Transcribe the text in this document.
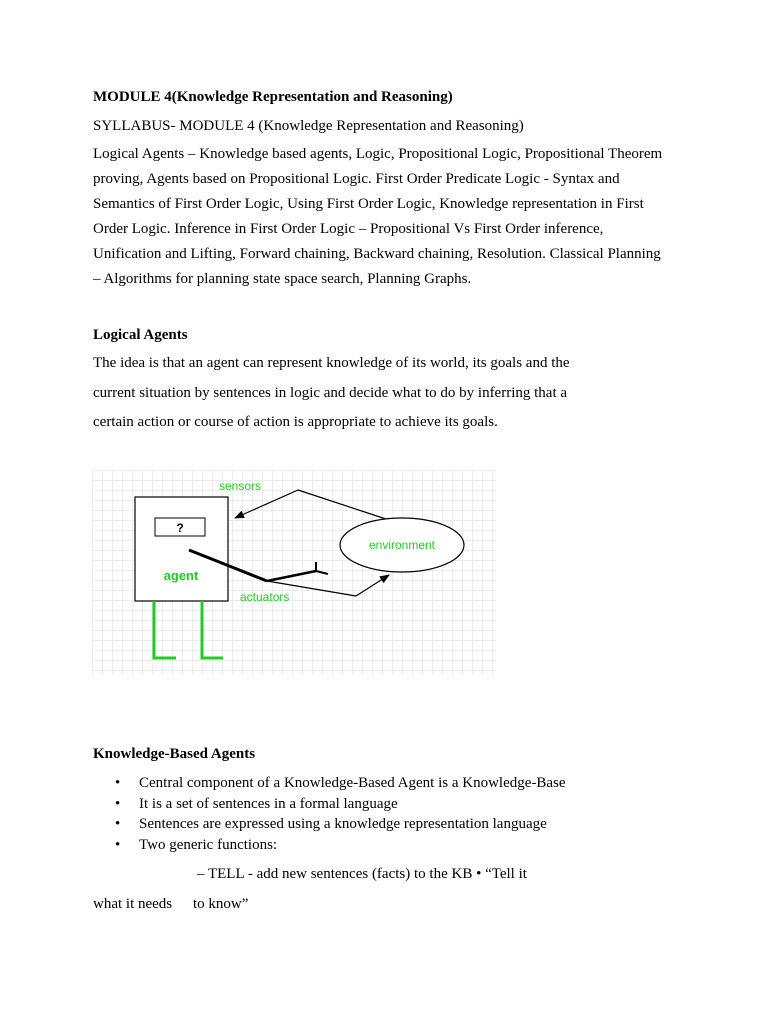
MODULE 4(Knowledge Representation and Reasoning)
SYLLABUS- MODULE 4 (Knowledge Representation and Reasoning)
Logical Agents – Knowledge based agents, Logic, Propositional Logic, Propositional Theorem
proving, Agents based on Propositional Logic. First Order Predicate Logic - Syntax and
Semantics of First Order Logic, Using First Order Logic, Knowledge representation in First
Order Logic. Inference in First Order Logic – Propositional Vs First Order inference,
Unification and Lifting, Forward chaining, Backward chaining, Resolution. Classical Planning
– Algorithms for planning state space search, Planning Graphs.
Logical Agents
The idea is that an agent can represent knowledge of its world, its goals and the
current situation by sentences in logic and decide what to do by inferring that a
certain action or course of action is appropriate to achieve its goals.
?
agent
sensors
environment
actuators
Knowledge-Based Agents
• Central component of a Knowledge-Based Agent is a Knowledge-Base
• It is a set of sentences in a formal language
• Sentences are expressed using a knowledge representation language
• Two generic functions:
– TELL - add new sentences (facts) to the KB • “Tell it
what it needs to know”
